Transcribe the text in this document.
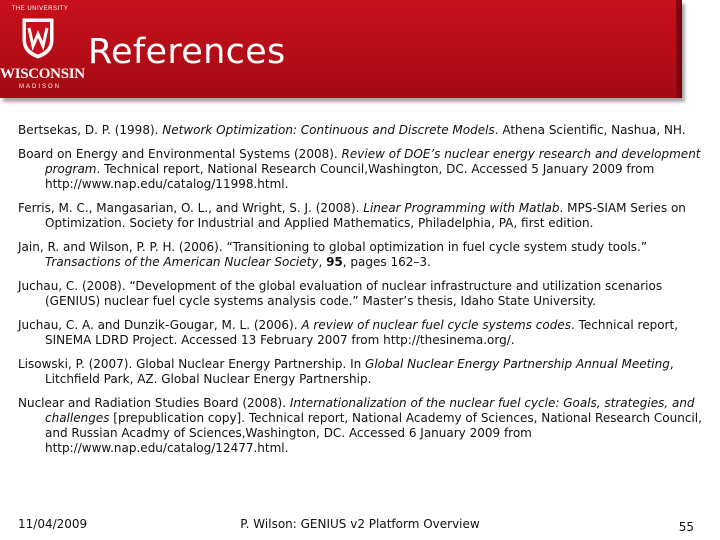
THE UNIVERSITY
WISCONSIN
MADISON
References

Bertsekas, D. P. (1998). Network Optimization: Continuous and Discrete Models. Athena Scientific, Nashua, NH.

Board on Energy and Environmental Systems (2008). Review of DOE’s nuclear energy research and development program. Technical report, National Research Council,Washington, DC. Accessed 5 January 2009 from http://www.nap.edu/catalog/11998.html.

Ferris, M. C., Mangasarian, O. L., and Wright, S. J. (2008). Linear Programming with Matlab. MPS-SIAM Series on Optimization. Society for Industrial and Applied Mathematics, Philadelphia, PA, first edition.

Jain, R. and Wilson, P. P. H. (2006). “Transitioning to global optimization in fuel cycle system study tools.” Transactions of the American Nuclear Society, 95, pages 162–3.

Juchau, C. (2008). “Development of the global evaluation of nuclear infrastructure and utilization scenarios (GENIUS) nuclear fuel cycle systems analysis code.” Master’s thesis, Idaho State University.

Juchau, C. A. and Dunzik-Gougar, M. L. (2006). A review of nuclear fuel cycle systems codes. Technical report, SINEMA LDRD Project. Accessed 13 February 2007 from http://thesinema.org/.

Lisowski, P. (2007). Global Nuclear Energy Partnership. In Global Nuclear Energy Partnership Annual Meeting, Litchfield Park, AZ. Global Nuclear Energy Partnership.

Nuclear and Radiation Studies Board (2008). Internationalization of the nuclear fuel cycle: Goals, strategies, and challenges [prepublication copy]. Technical report, National Academy of Sciences, National Research Council, and Russian Acadmy of Sciences,Washington, DC. Accessed 6 January 2009 from http://www.nap.edu/catalog/12477.html.

11/04/2009	P. Wilson: GENIUS v2 Platform Overview	55
